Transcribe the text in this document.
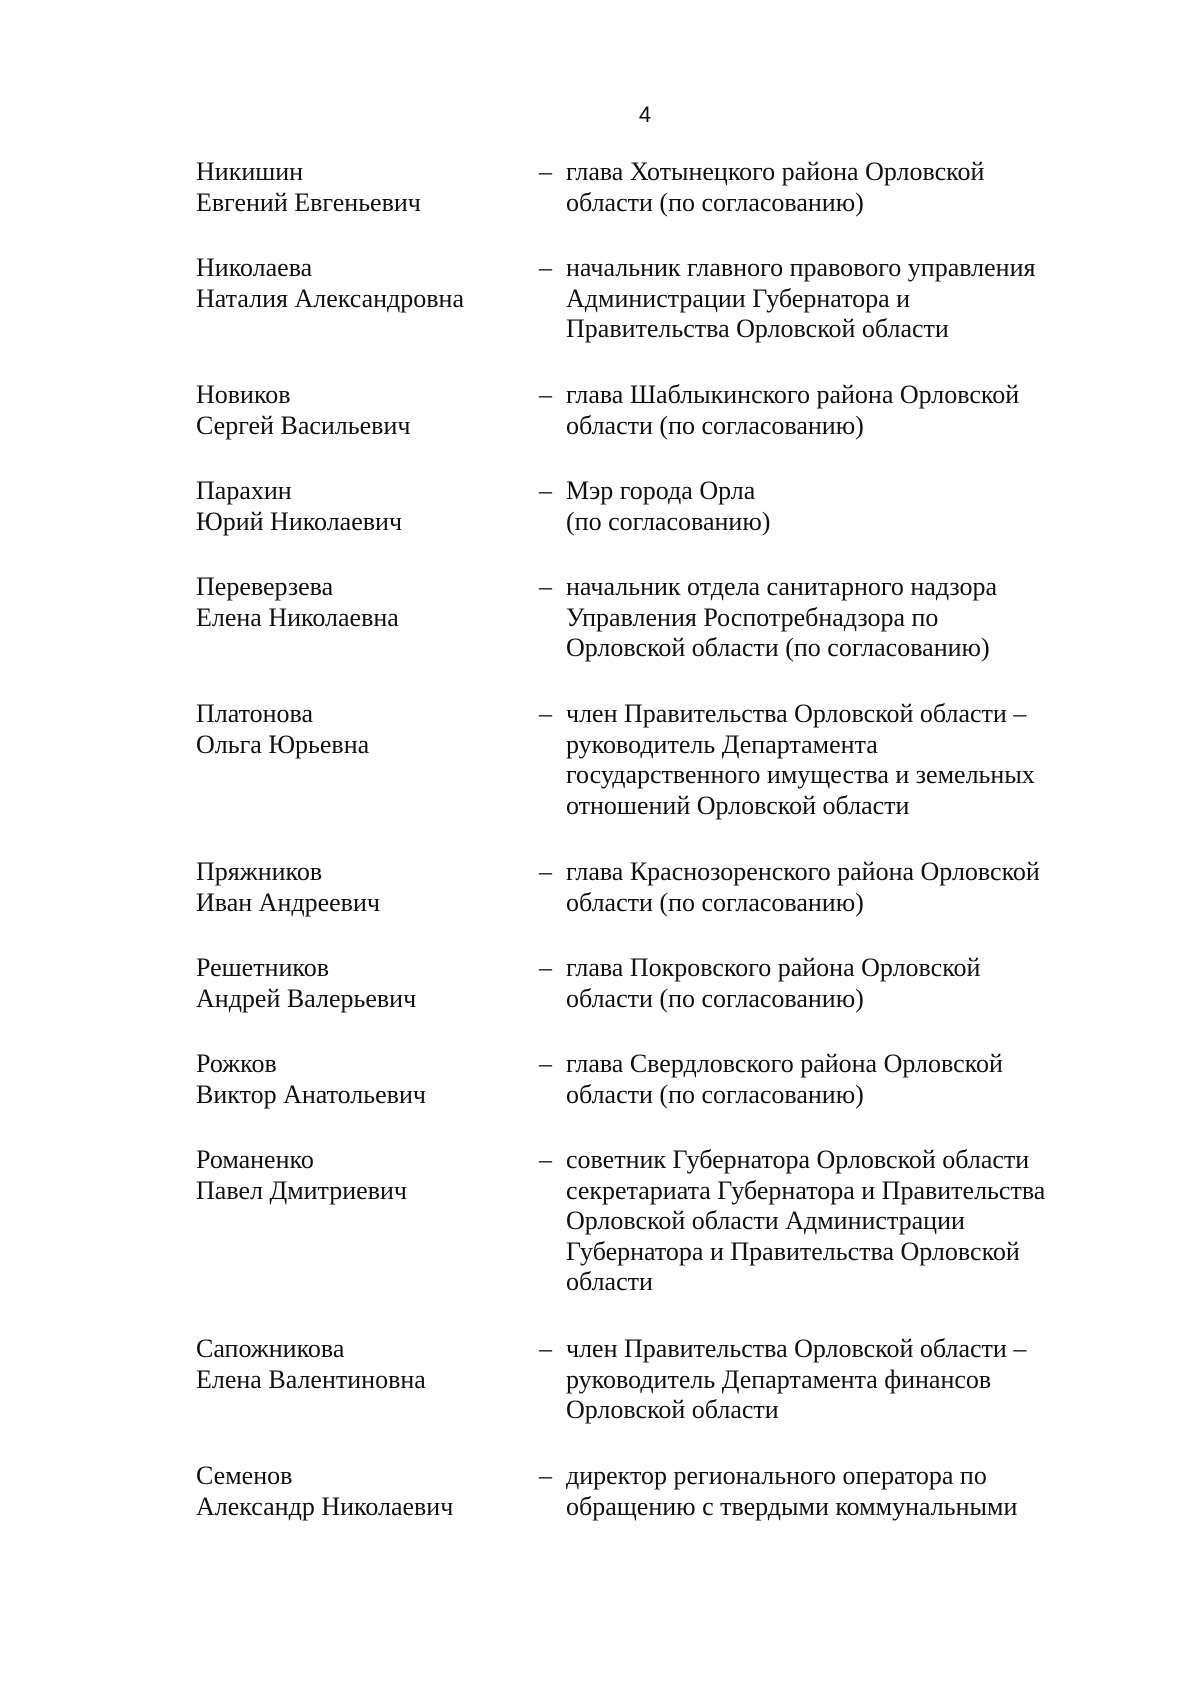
4
Никишин
Евгений Евгеньевич
– глава Хотынецкого района Орловской
области (по согласованию)
Николаева
Наталия Александровна
– начальник главного правового управления
Администрации Губернатора и
Правительства Орловской области
Новиков
Сергей Васильевич
– глава Шаблыкинского района Орловской
области (по согласованию)
Парахин
Юрий Николаевич
– Мэр города Орла
(по согласованию)
Переверзева
Елена Николаевна
– начальник отдела санитарного надзора
Управления Роспотребнадзора по
Орловской области (по согласованию)
Платонова
Ольга Юрьевна
– член Правительства Орловской области –
руководитель Департамента
государственного имущества и земельных
отношений Орловской области
Пряжников
Иван Андреевич
– глава Краснозоренского района Орловской
области (по согласованию)
Решетников
Андрей Валерьевич
– глава Покровского района Орловской
области (по согласованию)
Рожков
Виктор Анатольевич
– глава Свердловского района Орловской
области (по согласованию)
Романенко
Павел Дмитриевич
– советник Губернатора Орловской области
секретариата Губернатора и Правительства
Орловской области Администрации
Губернатора и Правительства Орловской
области
Сапожникова
Елена Валентиновна
– член Правительства Орловской области –
руководитель Департамента финансов
Орловской области
Семенов
Александр Николаевич
– директор регионального оператора по
обращению с твердыми коммунальными
